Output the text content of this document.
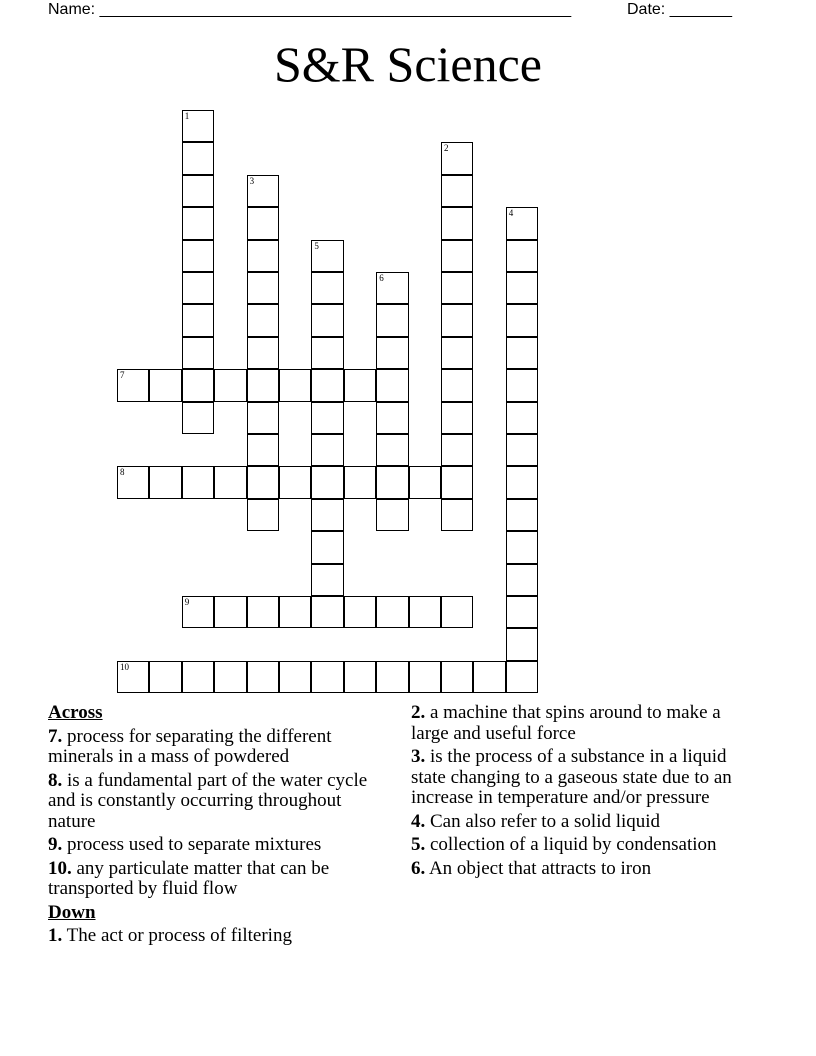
Name: _____________________________________________________	Date: _______
S&R Science
1
2
3
4
5
6
7
8
9
10
Across
7. process for separating the different minerals in a mass of powdered
8. is a fundamental part of the water cycle and is constantly occurring throughout nature
9. process used to separate mixtures
10. any particulate matter that can be transported by fluid flow
Down
1. The act or process of filtering
2. a machine that spins around to make a large and useful force
3. is the process of a substance in a liquid state changing to a gaseous state due to an increase in temperature and/or pressure
4. Can also refer to a solid liquid
5. collection of a liquid by condensation
6. An object that attracts to iron
